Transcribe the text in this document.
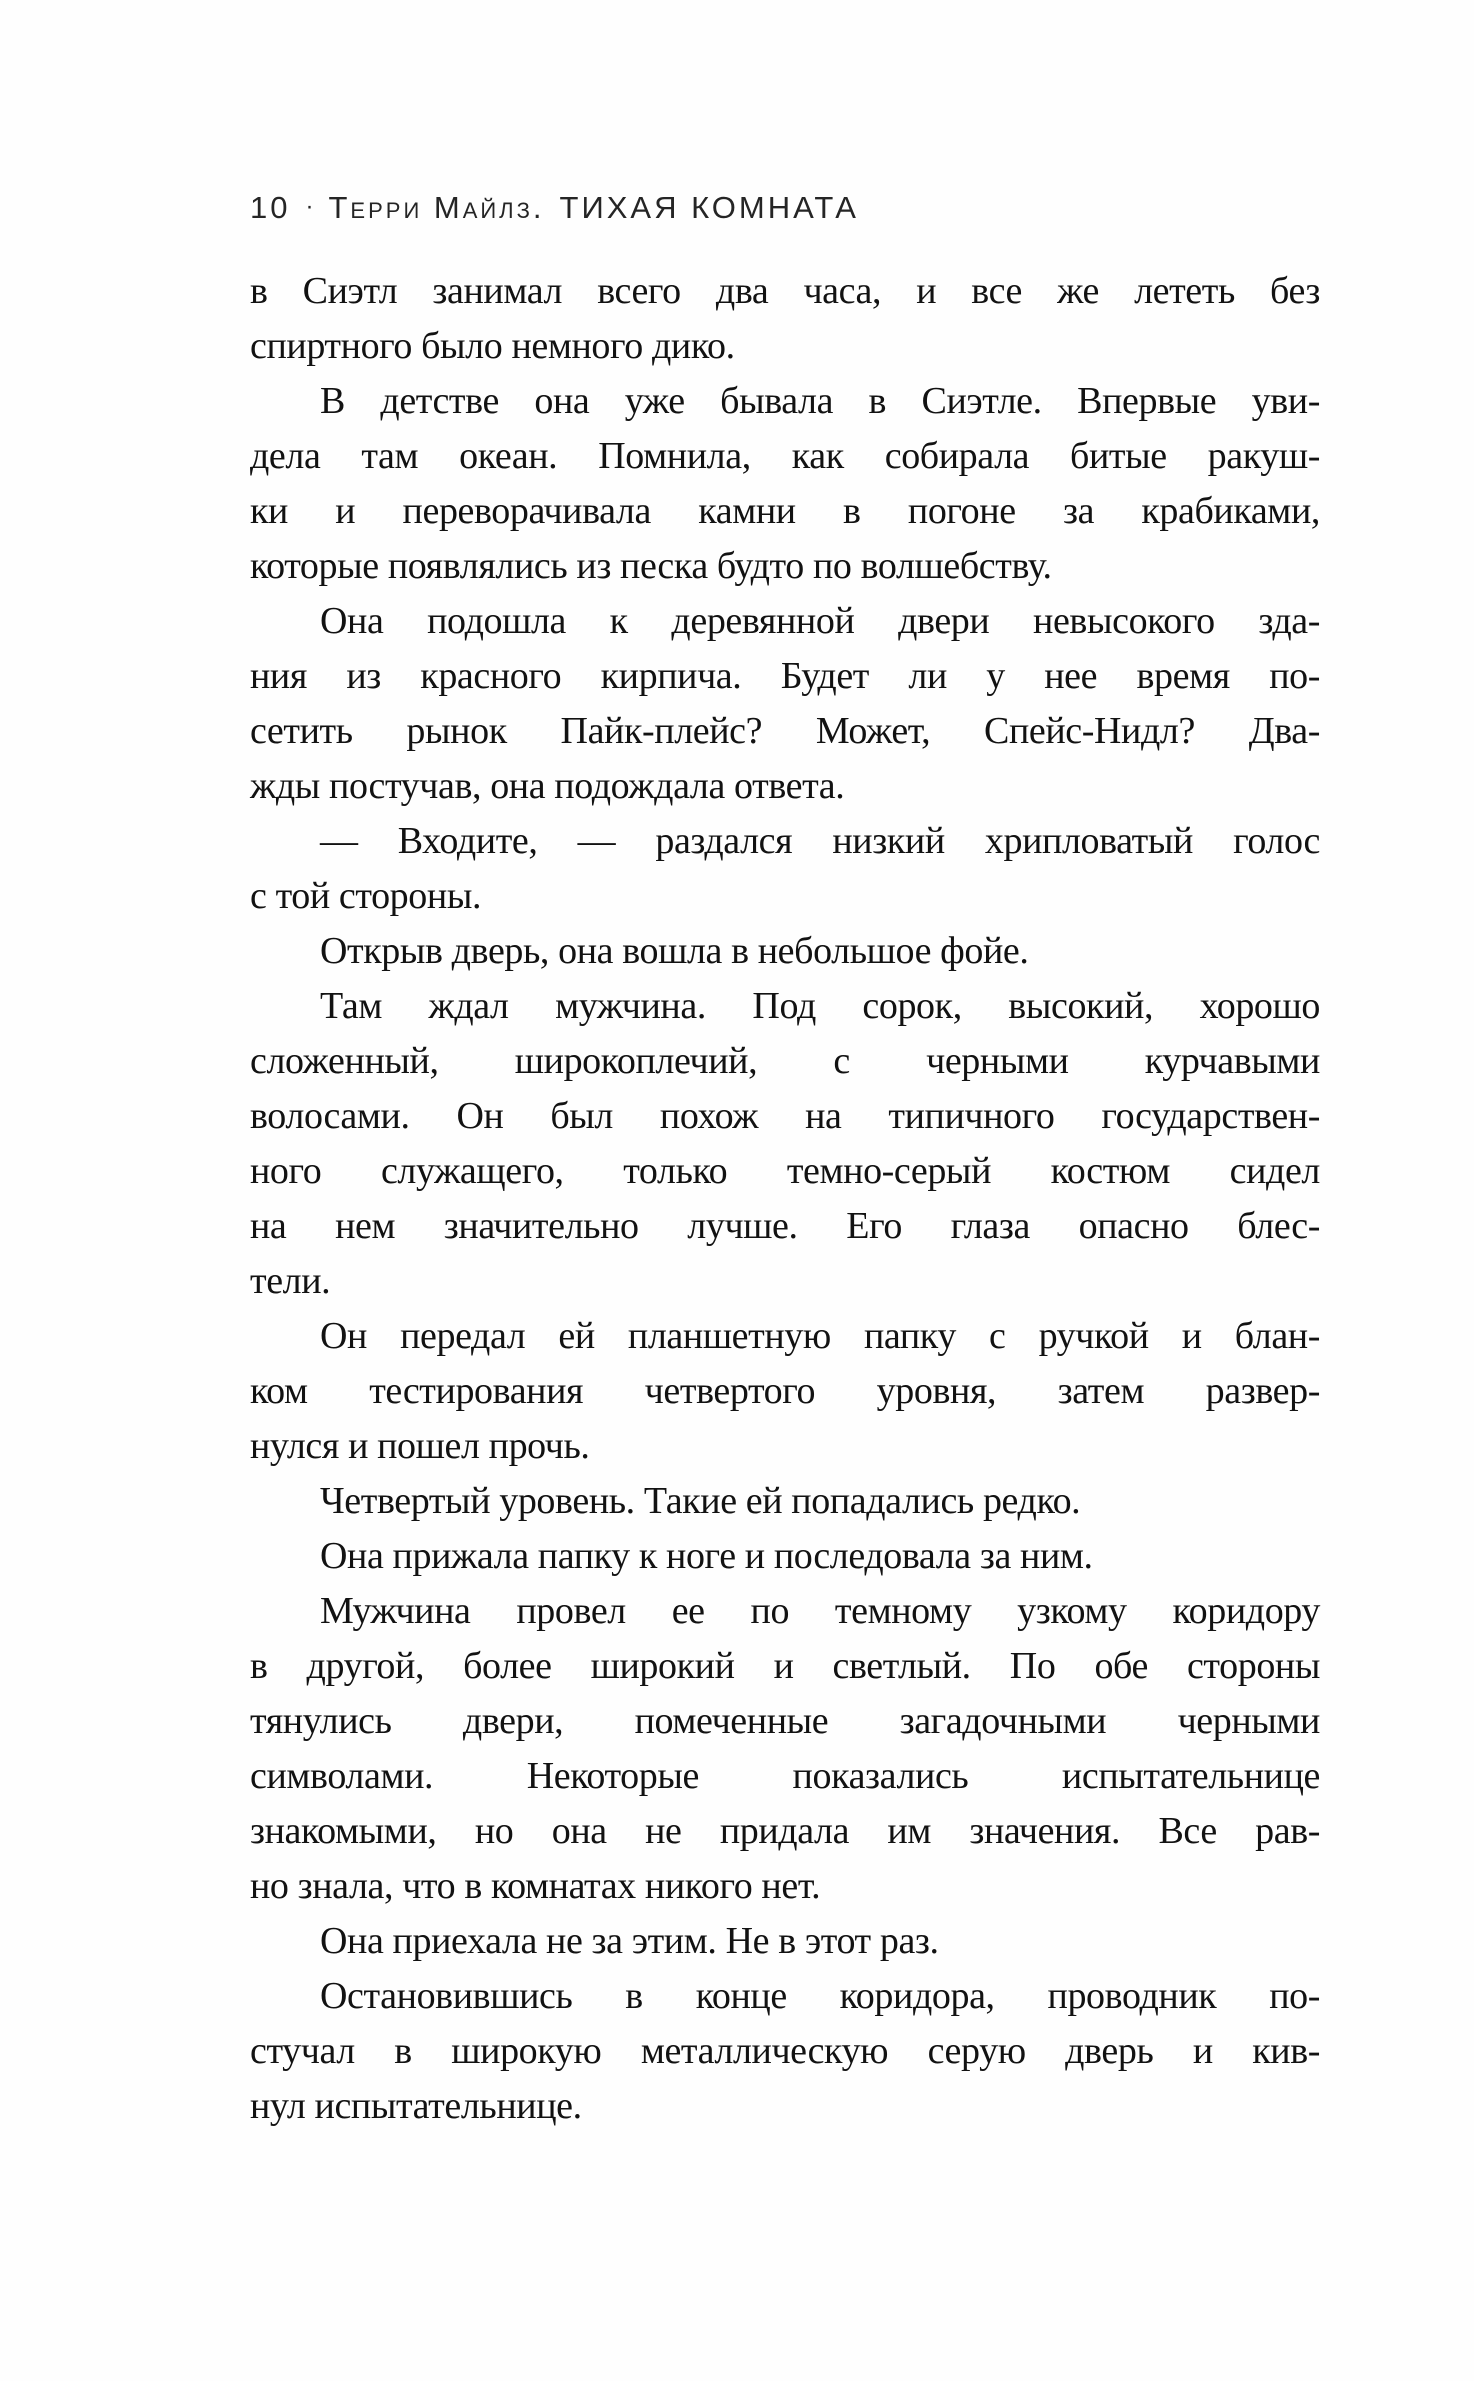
10 · Терри Майлз. ТИХАЯ КОМНАТА
в Сиэтл занимал всего два часа, и все же лететь без
спиртного было немного дико.
В детстве она уже бывала в Сиэтле. Впервые уви-
дела там океан. Помнила, как собирала битые ракуш-
ки и переворачивала камни в погоне за крабиками,
которые появлялись из песка будто по волшебству.
Она подошла к деревянной двери невысокого зда-
ния из красного кирпича. Будет ли у нее время по-
сетить рынок Пайк-плейс? Может, Спейс-Нидл? Два-
жды постучав, она подождала ответа.
— Входите, — раздался низкий хрипловатый голос
с той стороны.
Открыв дверь, она вошла в небольшое фойе.
Там ждал мужчина. Под сорок, высокий, хорошо
сложенный, широкоплечий, с черными курчавыми
волосами. Он был похож на типичного государствен-
ного служащего, только темно-серый костюм сидел
на нем значительно лучше. Его глаза опасно блес-
тели.
Он передал ей планшетную папку с ручкой и блан-
ком тестирования четвертого уровня, затем развер-
нулся и пошел прочь.
Четвертый уровень. Такие ей попадались редко.
Она прижала папку к ноге и последовала за ним.
Мужчина провел ее по темному узкому коридору
в другой, более широкий и светлый. По обе стороны
тянулись двери, помеченные загадочными черными
символами. Некоторые показались испытательнице
знакомыми, но она не придала им значения. Все рав-
но знала, что в комнатах никого нет.
Она приехала не за этим. Не в этот раз.
Остановившись в конце коридора, проводник по-
стучал в широкую металлическую серую дверь и кив-
нул испытательнице.
